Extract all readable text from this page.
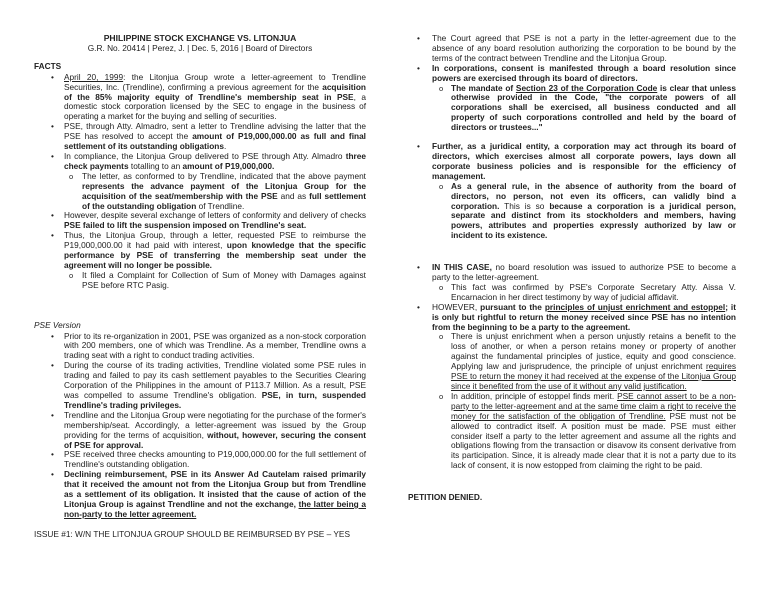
PHILIPPINE STOCK EXCHANGE VS. LITONJUA
G.R. No. 20414 | Perez, J. | Dec. 5, 2016 | Board of Directors
FACTS
• April 20, 1999: the Litonjua Group wrote a letter-agreement to Trendline Securities, Inc. (Trendline), confirming a previous agreement for the acquisition of the 85% majority equity of Trendline's membership seat in PSE, a domestic stock corporation licensed by the SEC to engage in the business of operating a market for the buying and selling of securities.
• PSE, through Atty. Almadro, sent a letter to Trendline advising the latter that the PSE has resolved to accept the amount of P19,000,000.00 as full and final settlement of its outstanding obligations.
• In compliance, the Litonjua Group delivered to PSE through Atty. Almadro three check payments totalling to an amount of P19,000,000.
o The letter, as conformed to by Trendline, indicated that the above payment represents the advance payment of the Litonjua Group for the acquisition of the seat/membership with the PSE and as full settlement of the outstanding obligation of Trendline.
• However, despite several exchange of letters of conformity and delivery of checks PSE failed to lift the suspension imposed on Trendline's seat.
• Thus, the Litonjua Group, through a letter, requested PSE to reimburse the P19,000,000.00 it had paid with interest, upon knowledge that the specific performance by PSE of transferring the membership seat under the agreement will no longer be possible.
o It filed a Complaint for Collection of Sum of Money with Damages against PSE before RTC Pasig.
PSE Version
• Prior to its re-organization in 2001, PSE was organized as a non-stock corporation with 200 members, one of which was Trendline. As a member, Trendline owns a trading seat with a right to conduct trading activities.
• During the course of its trading activities, Trendline violated some PSE rules in trading and failed to pay its cash settlement payables to the Securities Clearing Corporation of the Philippines in the amount of P113.7 Million. As a result, PSE was compelled to assume Trendline's obligation. PSE, in turn, suspended Trendline's trading privileges.
• Trendline and the Litonjua Group were negotiating for the purchase of the former's membership/seat. Accordingly, a letter-agreement was issued by the Group providing for the terms of acquisition, without, however, securing the consent of PSE for approval.
• PSE received three checks amounting to P19,000,000.00 for the full settlement of Trendline's outstanding obligation.
• Declining reimbursement, PSE in its Answer Ad Cautelam raised primarily that it received the amount not from the Litonjua Group but from Trendline as a settlement of its obligation. It insisted that the cause of action of the Litonjua Group is against Trendline and not the exchange, the latter being a non-party to the letter agreement.
ISSUE #1: W/N THE LITONJUA GROUP SHOULD BE REIMBURSED BY PSE – YES
• The Court agreed that PSE is not a party in the letter-agreement due to the absence of any board resolution authorizing the corporation to be bound by the terms of the contract between Trendline and the Litonjua Group.
• In corporations, consent is manifested through a board resolution since powers are exercised through its board of directors.
o The mandate of Section 23 of the Corporation Code is clear that unless otherwise provided in the Code, "the corporate powers of all corporations shall be exercised, all business conducted and all property of such corporations controlled and held by the board of directors or trustees..."
• Further, as a juridical entity, a corporation may act through its board of directors, which exercises almost all corporate powers, lays down all corporate business policies and is responsible for the efficiency of management.
o As a general rule, in the absence of authority from the board of directors, no person, not even its officers, can validly bind a corporation. This is so because a corporation is a juridical person, separate and distinct from its stockholders and members, having powers, attributes and properties expressly authorized by law or incident to its existence.
• IN THIS CASE, no board resolution was issued to authorize PSE to become a party to the letter-agreement.
o This fact was confirmed by PSE's Corporate Secretary Atty. Aissa V. Encarnacion in her direct testimony by way of judicial affidavit.
• HOWEVER, pursuant to the principles of unjust enrichment and estoppel; it is only but rightful to return the money received since PSE has no intention from the beginning to be a party to the agreement.
o There is unjust enrichment when a person unjustly retains a benefit to the loss of another, or when a person retains money or property of another against the fundamental principles of justice, equity and good conscience. Applying law and jurisprudence, the principle of unjust enrichment requires PSE to return the money it had received at the expense of the Litonjua Group since it benefited from the use of it without any valid justification.
o In addition, principle of estoppel finds merit. PSE cannot assert to be a non-party to the letter-agreement and at the same time claim a right to receive the money for the satisfaction of the obligation of Trendline. PSE must not be allowed to contradict itself. A position must be made. PSE must either consider itself a party to the letter agreement and assume all the rights and obligations flowing from the transaction or disavow its consent derivative from its participation. Since, it is already made clear that it is not a party due to its lack of consent, it is now estopped from claiming the right to be paid.
PETITION DENIED.
